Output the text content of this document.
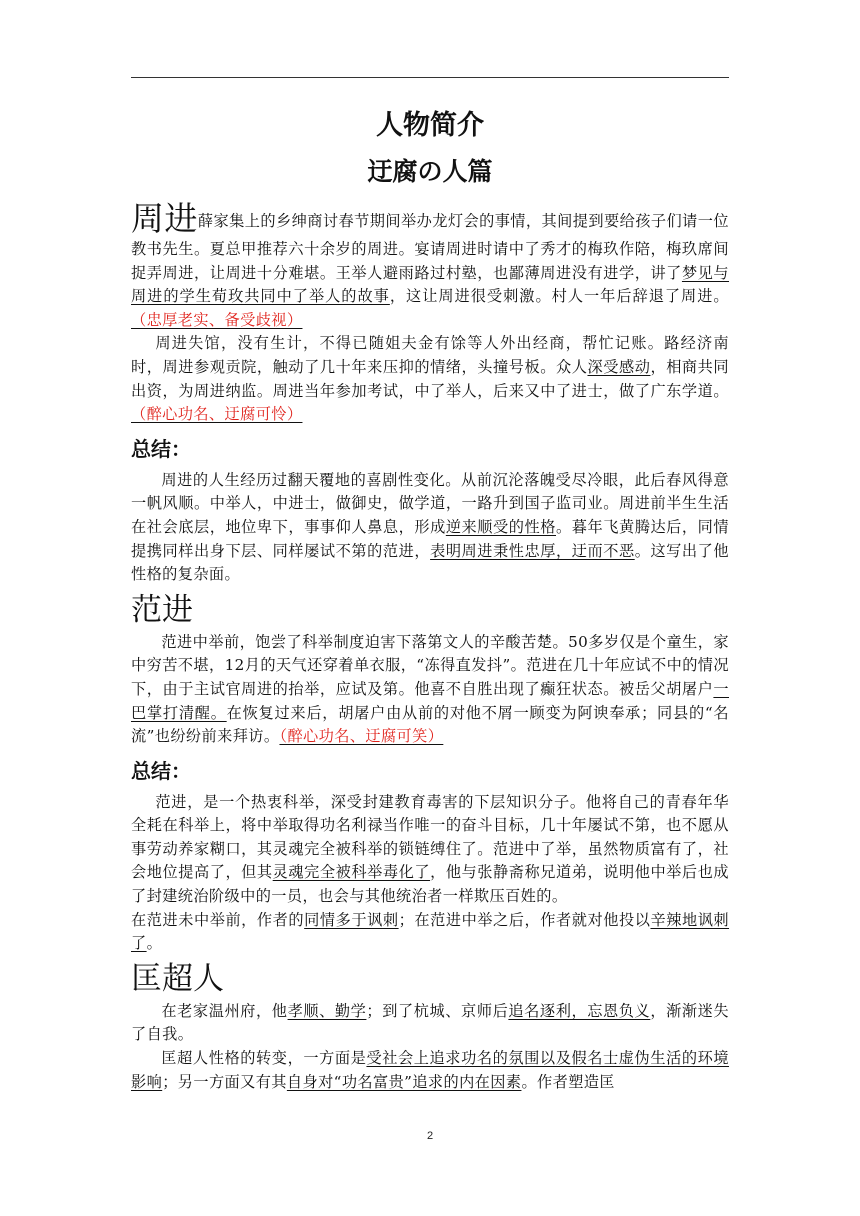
人物简介
迂腐の人篇

周进薛家集上的乡绅商讨春节期间举办龙灯会的事情，其间提到要给孩子们请一位教书先生。夏总甲推荐六十余岁的周进。宴请周进时请中了秀才的梅玖作陪，梅玖席间捉弄周进，让周进十分难堪。王举人避雨路过村塾，也鄙薄周进没有进学，讲了梦见与周进的学生荀玫共同中了举人的故事，这让周进很受刺激。村人一年后辞退了周进。（忠厚老实、备受歧视）

周进失馆，没有生计，不得已随姐夫金有馀等人外出经商，帮忙记账。路经济南时，周进参观贡院，触动了几十年来压抑的情绪，头撞号板。众人深受感动，相商共同出资，为周进纳监。周进当年参加考试，中了举人，后来又中了进士，做了广东学道。（醉心功名、迂腐可怜）

总结：

周进的人生经历过翻天覆地的喜剧性变化。从前沉沦落魄受尽冷眼，此后春风得意一帆风顺。中举人，中进士，做御史，做学道，一路升到国子监司业。周进前半生生活在社会底层，地位卑下，事事仰人鼻息，形成逆来顺受的性格。暮年飞黄腾达后，同情提携同样出身下层、同样屡试不第的范进，表明周进秉性忠厚，迂而不恶。这写出了他性格的复杂面。

范进

范进中举前，饱尝了科举制度迫害下落第文人的辛酸苦楚。50多岁仅是个童生，家中穷苦不堪，12月的天气还穿着单衣服，“冻得直发抖”。范进在几十年应试不中的情况下，由于主试官周进的抬举，应试及第。他喜不自胜出现了癫狂状态。被岳父胡屠户一巴掌打清醒。在恢复过来后，胡屠户由从前的对他不屑一顾变为阿谀奉承；同县的“名流”也纷纷前来拜访。（醉心功名、迂腐可笑）

总结：

范进，是一个热衷科举，深受封建教育毒害的下层知识分子。他将自己的青春年华全耗在科举上，将中举取得功名利禄当作唯一的奋斗目标，几十年屡试不第，也不愿从事劳动养家糊口，其灵魂完全被科举的锁链缚住了。范进中了举，虽然物质富有了，社会地位提高了，但其灵魂完全被科举毒化了，他与张静斋称兄道弟，说明他中举后也成了封建统治阶级中的一员，也会与其他统治者一样欺压百姓的。

在范进未中举前，作者的同情多于讽刺；在范进中举之后，作者就对他投以辛辣地讽刺了。

匡超人

在老家温州府，他孝顺、勤学；到了杭城、京师后追名逐利，忘恩负义，渐渐迷失了自我。

匡超人性格的转变，一方面是受社会上追求功名的氛围以及假名士虚伪生活的环境影响；另一方面又有其自身对“功名富贵”追求的内在因素。作者塑造匡

2
